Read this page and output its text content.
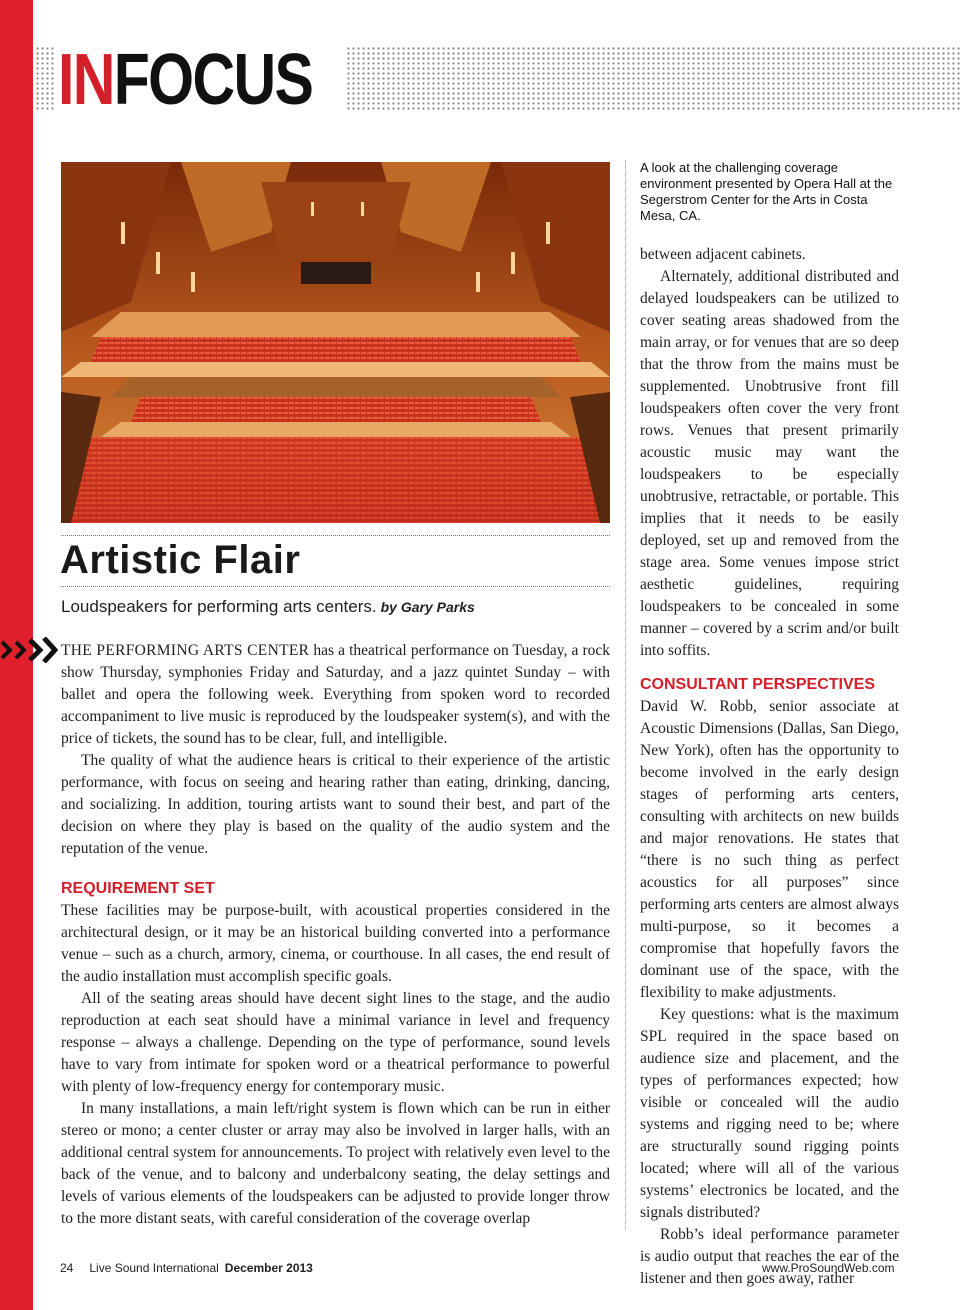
INFOCUS
A look at the challenging coverage environment presented by Opera Hall at the Segerstrom Center for the Arts in Costa Mesa, CA.
Artistic Flair
Loudspeakers for performing arts centers. by Gary Parks

THE PERFORMING ARTS CENTER has a theatrical performance on Tuesday, a rock show Thursday, symphonies Friday and Saturday, and a jazz quintet Sunday – with ballet and opera the following week. Everything from spoken word to recorded accompaniment to live music is reproduced by the loudspeaker system(s), and with the price of tickets, the sound has to be clear, full, and intelligible.

The quality of what the audience hears is critical to their experience of the artistic performance, with focus on seeing and hearing rather than eating, drinking, dancing, and socializing. In addition, touring artists want to sound their best, and part of the decision on where they play is based on the quality of the audio system and the reputation of the venue.

REQUIREMENT SET

These facilities may be purpose-built, with acoustical properties considered in the architectural design, or it may be an historical building converted into a performance venue – such as a church, armory, cinema, or courthouse. In all cases, the end result of the audio installation must accomplish specific goals.

All of the seating areas should have decent sight lines to the stage, and the audio reproduction at each seat should have a minimal variance in level and frequency response – always a challenge. Depending on the type of performance, sound levels have to vary from intimate for spoken word or a theatrical performance to powerful with plenty of low-frequency energy for contemporary music.

In many installations, a main left/right system is flown which can be run in either stereo or mono; a center cluster or array may also be involved in larger halls, with an additional central system for announcements. To project with relatively even level to the back of the venue, and to balcony and underbalcony seating, the delay settings and levels of various elements of the loudspeakers can be adjusted to provide longer throw to the more distant seats, with careful consideration of the coverage overlap

between adjacent cabinets.

Alternately, additional distributed and delayed loudspeakers can be utilized to cover seating areas shadowed from the main array, or for venues that are so deep that the throw from the mains must be supplemented. Unobtrusive front fill loudspeakers often cover the very front rows. Venues that present primarily acoustic music may want the loudspeakers to be especially unobtrusive, retractable, or portable. This implies that it needs to be easily deployed, set up and removed from the stage area. Some venues impose strict aesthetic guidelines, requiring loudspeakers to be concealed in some manner – covered by a scrim and/or built into soffits.

CONSULTANT PERSPECTIVES

David W. Robb, senior associate at Acoustic Dimensions (Dallas, San Diego, New York), often has the opportunity to become involved in the early design stages of performing arts centers, consulting with architects on new builds and major renovations. He states that “there is no such thing as perfect acoustics for all purposes” since performing arts centers are almost always multi-purpose, so it becomes a compromise that hopefully favors the dominant use of the space, with the flexibility to make adjustments.

Key questions: what is the maximum SPL required in the space based on audience size and placement, and the types of performances expected; how visible or concealed will the audio systems and rigging need to be; where are structurally sound rigging points located; where will all of the various systems’ electronics be located, and the signals distributed?

Robb’s ideal performance parameter is audio output that reaches the ear of the listener and then goes away, rather

24 Live Sound International December 2013	www.ProSoundWeb.com
